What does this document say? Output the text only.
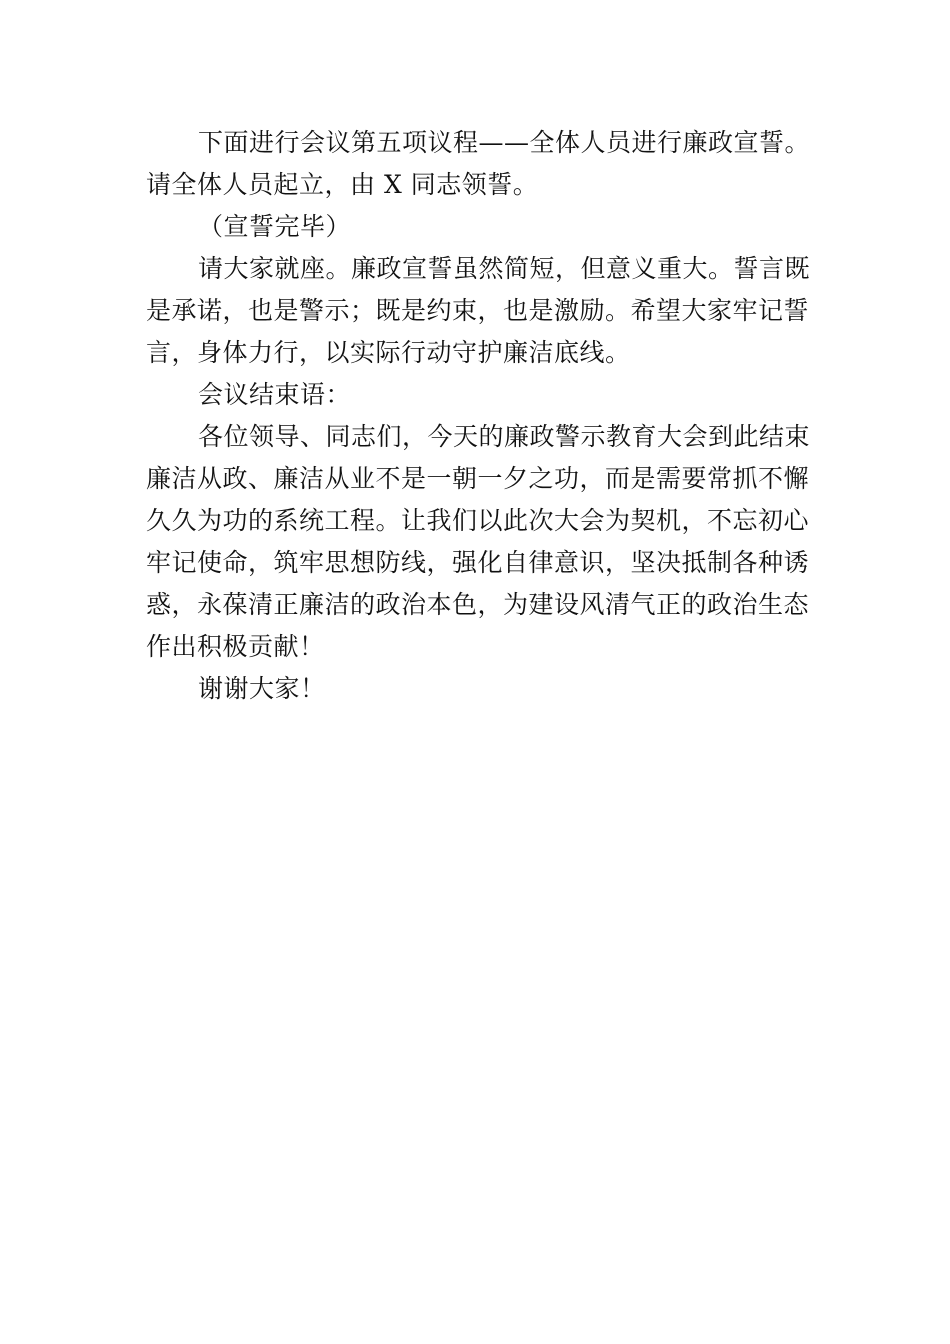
下面进行会议第五项议程——全体人员进行廉政宣誓。
请全体人员起立，由 X 同志领誓。
（宣誓完毕）
请大家就座。廉政宣誓虽然简短，但意义重大。誓言既
是承诺，也是警示；既是约束，也是激励。希望大家牢记誓
言，身体力行，以实际行动守护廉洁底线。
会议结束语：
各位领导、同志们，今天的廉政警示教育大会到此结束
廉洁从政、廉洁从业不是一朝一夕之功，而是需要常抓不懈
久久为功的系统工程。让我们以此次大会为契机，不忘初心
牢记使命，筑牢思想防线，强化自律意识，坚决抵制各种诱
惑，永葆清正廉洁的政治本色，为建设风清气正的政治生态
作出积极贡献！
谢谢大家！
